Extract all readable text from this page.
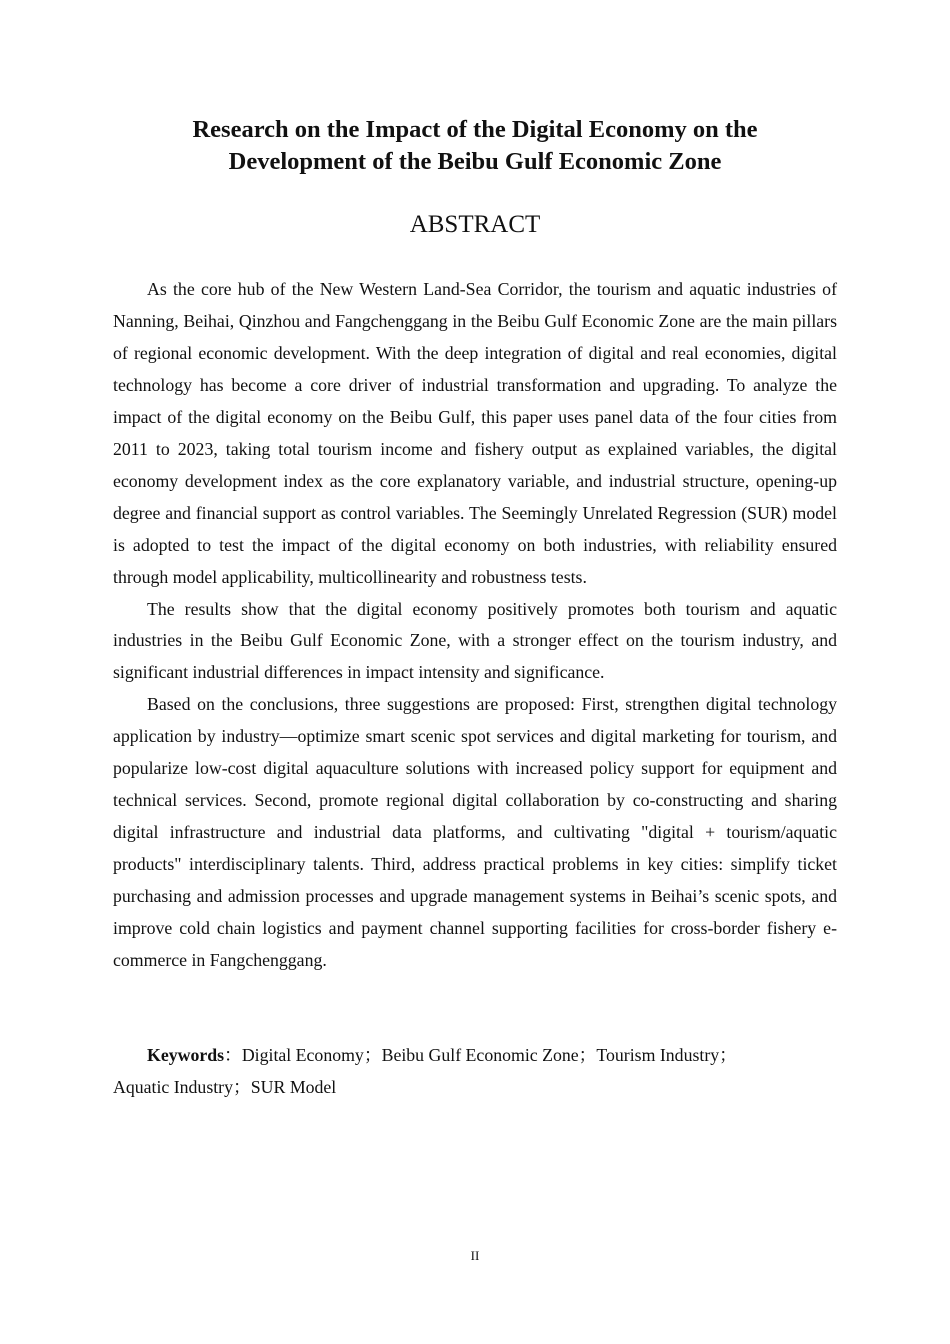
Research on the Impact of the Digital Economy on the
Development of the Beibu Gulf Economic Zone
ABSTRACT

As the core hub of the New Western Land-Sea Corridor, the tourism and aquatic industries of Nanning, Beihai, Qinzhou and Fangchenggang in the Beibu Gulf Economic Zone are the main pillars of regional economic development. With the deep integration of digital and real economies, digital technology has become a core driver of industrial transformation and upgrading. To analyze the impact of the digital economy on the Beibu Gulf, this paper uses panel data of the four cities from 2011 to 2023, taking total tourism income and fishery output as explained variables, the digital economy development index as the core explanatory variable, and industrial structure, opening-up degree and financial support as control variables. The Seemingly Unrelated Regression (SUR) model is adopted to test the impact of the digital economy on both industries, with reliability ensured through model applicability, multicollinearity and robustness tests.

The results show that the digital economy positively promotes both tourism and aquatic industries in the Beibu Gulf Economic Zone, with a stronger effect on the tourism industry, and significant industrial differences in impact intensity and significance.

Based on the conclusions, three suggestions are proposed: First, strengthen digital technology application by industry—optimize smart scenic spot services and digital marketing for tourism, and popularize low-cost digital aquaculture solutions with increased policy support for equipment and technical services. Second, promote regional digital collaboration by co-constructing and sharing digital infrastructure and industrial data platforms, and cultivating "digital + tourism/aquatic products" interdisciplinary talents. Third, address practical problems in key cities: simplify ticket purchasing and admission processes and upgrade management systems in Beihai’s scenic spots, and improve cold chain logistics and payment channel supporting facilities for cross-border fishery e-commerce in Fangchenggang.

Keywords：Digital Economy；Beibu Gulf Economic Zone；Tourism Industry；
Aquatic Industry；SUR Model
II
